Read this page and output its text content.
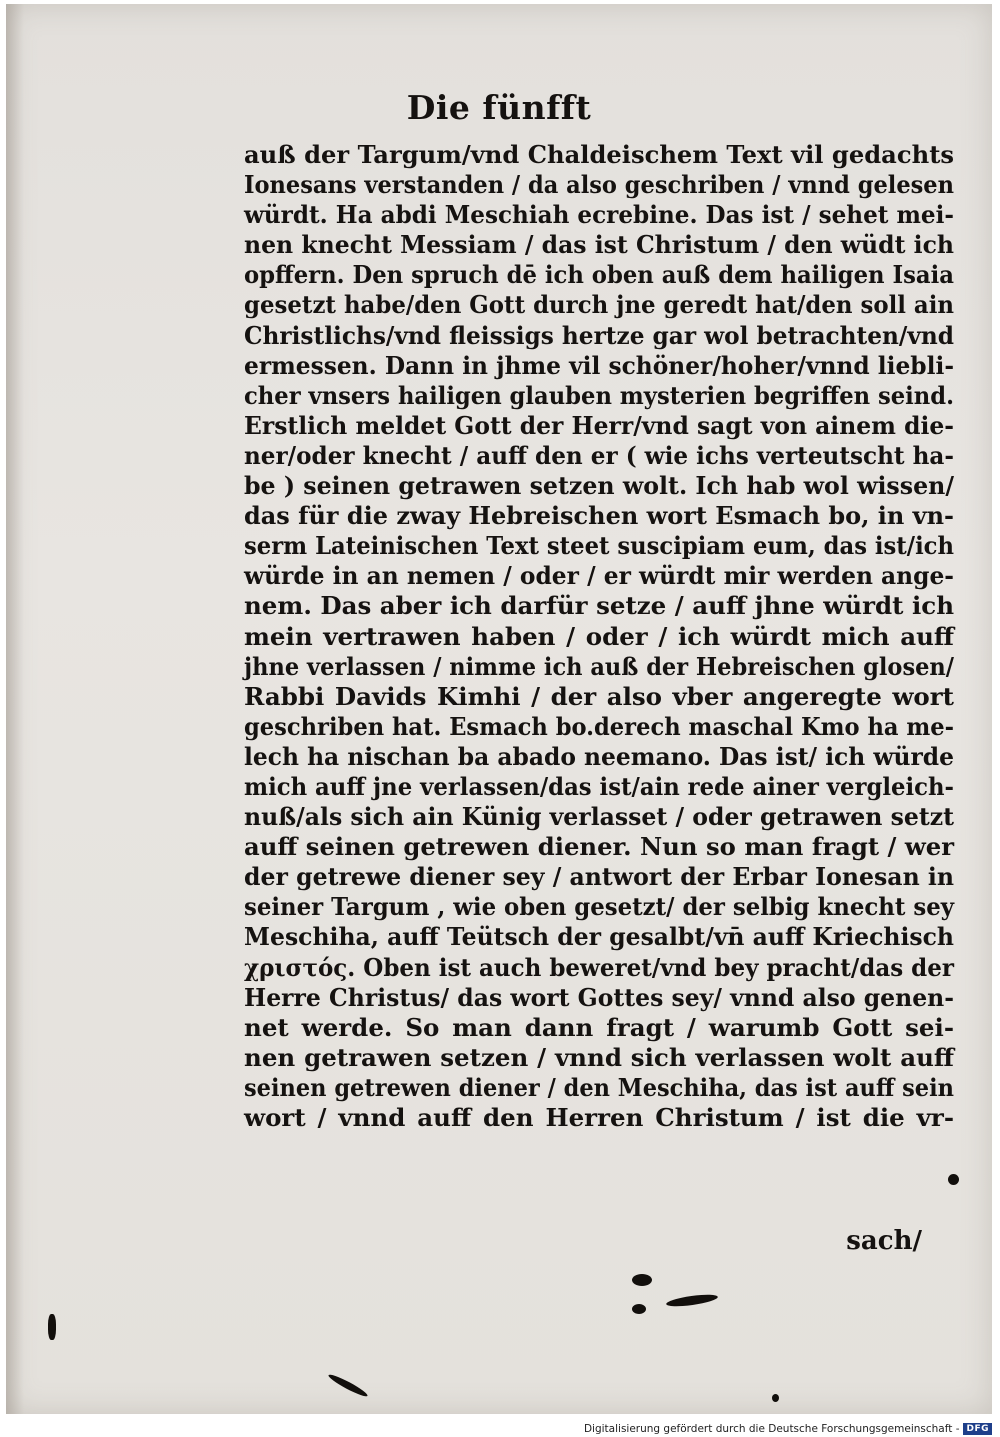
Die fünfft
auß der Targum/vnd Chaldeischem Text vil gedachts
Ionesans verstanden / da also geschriben / vnnd gelesen
würdt. Ha abdi Meschiah ecrebine. Das ist / sehet mei-
nen knecht Messiam / das ist Christum / den wüdt ich
opffern. Den spruch dē ich oben auß dem hailigen Isaia
gesetzt habe/den Gott durch jne geredt hat/den soll ain
Christlichs/vnd fleissigs hertze gar wol betrachten/vnd
ermessen. Dann in jhme vil schöner/hoher/vnnd liebli-
cher vnsers hailigen glauben mysterien begriffen seind.
Erstlich meldet Gott der Herr/vnd sagt von ainem die-
ner/oder knecht / auff den er ( wie ichs verteutscht ha-
be ) seinen getrawen setzen wolt. Ich hab wol wissen/
das für die zway Hebreischen wort Esmach bo, in vn-
serm Lateinischen Text steet suscipiam eum, das ist/ich
würde in an nemen / oder / er würdt mir werden ange-
nem. Das aber ich darfür setze / auff jhne würdt ich
mein vertrawen haben / oder / ich würdt mich auff
jhne verlassen / nimme ich auß der Hebreischen glosen/
Rabbi Davids Kimhi / der also vber angeregte wort
geschriben hat. Esmach bo.derech maschal Kmo ha me-
lech ha nischan ba abado neemano. Das ist/ ich würde
mich auff jne verlassen/das ist/ain rede ainer vergleich-
nuß/als sich ain Künig verlasset / oder getrawen setzt
auff seinen getrewen diener. Nun so man fragt / wer
der getrewe diener sey / antwort der Erbar Ionesan in
seiner Targum , wie oben gesetzt/ der selbig knecht sey
Meschiha, auff Teütsch der gesalbt/vn̄ auff Kriechisch
χριστός. Oben ist auch beweret/vnd bey pracht/das der
Herre Christus/ das wort Gottes sey/ vnnd also genen-
net werde. So man dann fragt / warumb Gott sei-
nen getrawen setzen / vnnd sich verlassen wolt auff
seinen getrewen diener / den Meschiha, das ist auff sein
wort / vnnd auff den Herren Christum / ist die vr-
sach/
Digitalisierung gefördert durch die Deutsche Forschungsgemeinschaft - DFG
